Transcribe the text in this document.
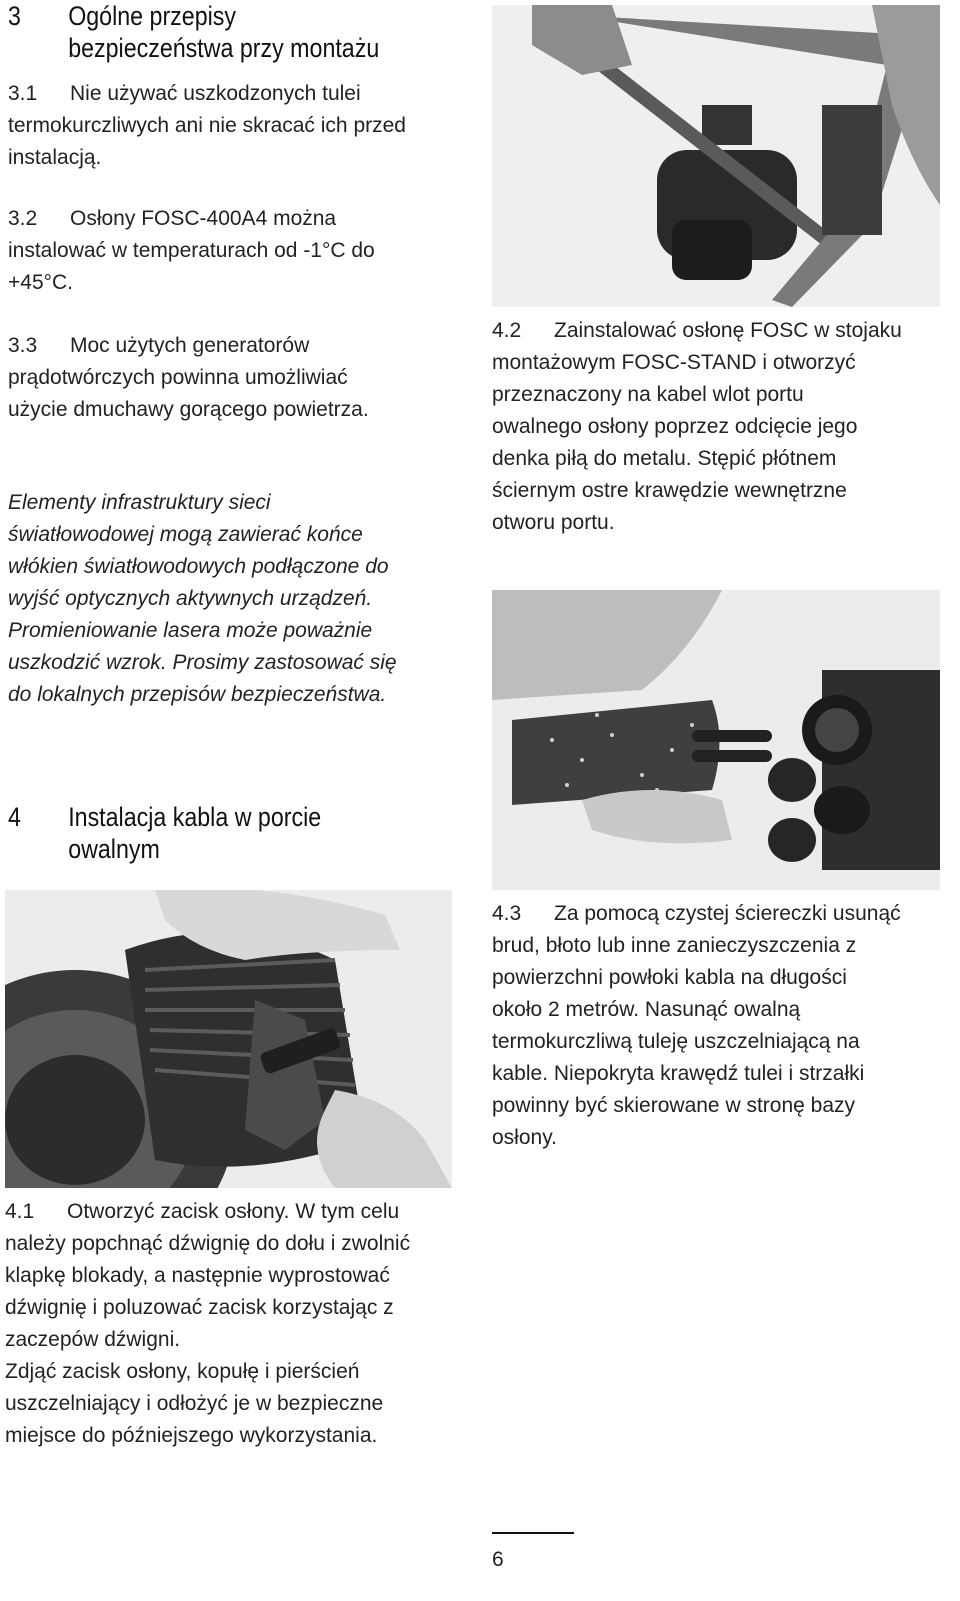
3 Ogólne przepisy
bezpieczeństwa przy montażu
3.1 Nie używać uszkodzonych tulei
termokurczliwych ani nie skracać ich przed
instalacją.
3.2 Osłony FOSC-400A4 można
instalować w temperaturach od -1°C do
+45°C.
3.3 Moc użytych generatorów
prądotwórczych powinna umożliwiać
użycie dmuchawy gorącego powietrza.
Elementy infrastruktury sieci
światłowodowej mogą zawierać końce
włókien światłowodowych podłączone do
wyjść optycznych aktywnych urządzeń.
Promieniowanie lasera może poważnie
uszkodzić wzrok. Prosimy zastosować się
do lokalnych przepisów bezpieczeństwa.
4 Instalacja kabla w porcie
owalnym
4.1 Otworzyć zacisk osłony. W tym celu
należy popchnąć dźwignię do dołu i zwolnić
klapkę blokady, a następnie wyprostować
dźwignię i poluzować zacisk korzystając z
zaczepów dźwigni.
Zdjąć zacisk osłony, kopułę i pierścień
uszczelniający i odłożyć je w bezpieczne
miejsce do późniejszego wykorzystania.
4.2 Zainstalować osłonę FOSC w stojaku
montażowym FOSC-STAND i otworzyć
przeznaczony na kabel wlot portu
owalnego osłony poprzez odcięcie jego
denka piłą do metalu. Stępić płótnem
ściernym ostre krawędzie wewnętrzne
otworu portu.
4.3 Za pomocą czystej ściereczki usunąć
brud, błoto lub inne zanieczyszczenia z
powierzchni powłoki kabla na długości
około 2 metrów. Nasunąć owalną
termokurczliwą tuleję uszczelniającą na
kable. Niepokryta krawędź tulei i strzałki
powinny być skierowane w stronę bazy
osłony.
6
